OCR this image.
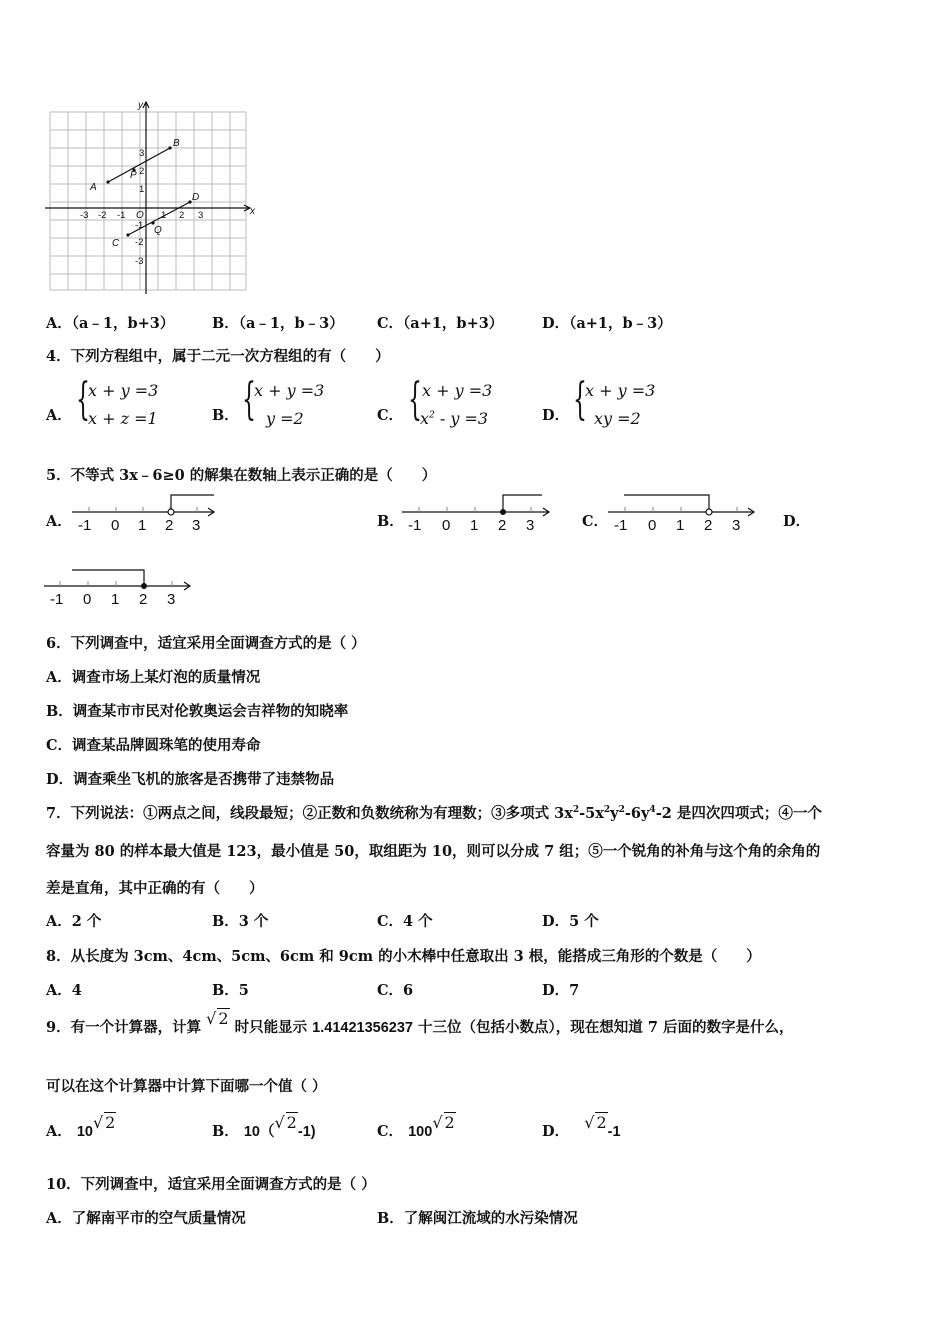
x
y
O
A
B
P
C
D
Q
-3 -2 -1	1 2 3
3
2
1
-1
-2
-3
A．（a﹣1，b+3）	B．（a﹣1，b﹣3） C．（a+1，b+3）	D．（a+1，b﹣3）
4．下列方程组中，属于二元一次方程组的有（　　）
A． {
x + y =3
x + z =1	B． {
x + y =3
y =2	C． { x + y =3
$x^2 - y =3$	D． {
x + y =3
xy =2
5．不等式 3x﹣6≥0 的解集在数轴上表示正确的是（　　）
A． -1 0 1 2 3	B． -1 0 1 2 3	C． -1 0 1 2 3	D．
-1 0 1 2 3
6．下列调查中，适宜采用全面调查方式的是（ ）
A．调查市场上某灯泡的质量情况
B．调查某市市民对伦敦奥运会吉祥物的知晓率
C．调查某品牌圆珠笔的使用寿命
D．调查乘坐飞机的旅客是否携带了违禁物品
7．下列说法：①两点之间，线段最短；②正数和负数统称为有理数；③多项式 $3x^2-5x^2y^2-6y^4-2$ 是四次四项式；④一个
容量为 80 的样本最大值是 123，最小值是 50，取组距为 10，则可以分成 7 组；⑤一个锐角的补角与这个角的余角的
差是直角，其中正确的有（　　）
A．2 个	B．3 个	C．4 个	D．5 个
8．从长度为 3cm、4cm、5cm、6cm 和 9cm 的小木棒中任意取出 3 根，能搭成三角形的个数是（　　）
A．4	B．5	C．6	D．7
9．有一个计算器，计算 √ 2 时只能显示 1.41421356237 十三位（包括小数点），现在想知道 7 后面的数字是什么，
可以在这个计算器中计算下面哪一个值（ ）
A． 10√ 2	B． 10（√ 2-1)	C． 100√ 2	D． √ 2-1
10．下列调查中，适宜采用全面调查方式的是（ ）
A．了解南平市的空气质量情况	B．了解闽江流域的水污染情况
